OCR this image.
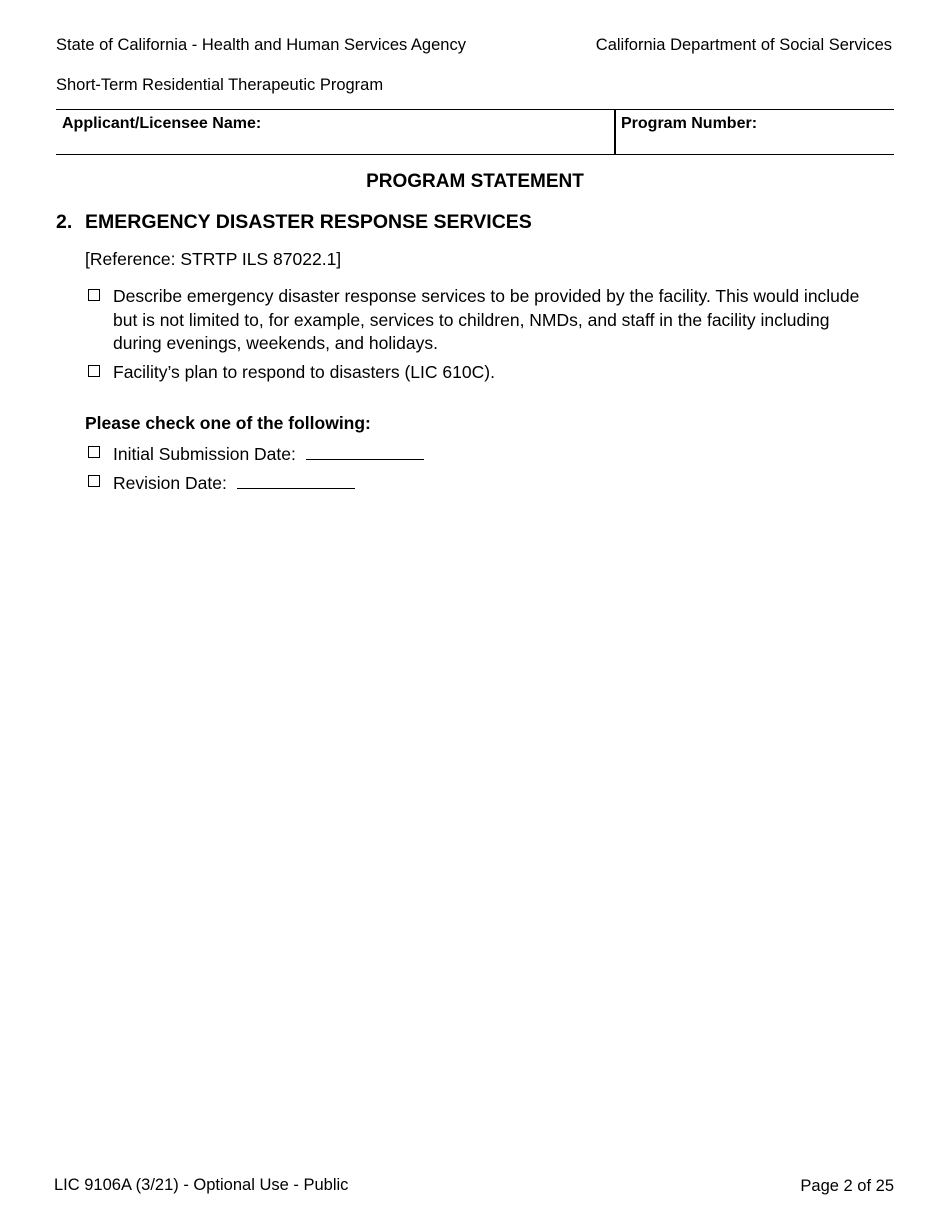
State of California - Health and Human Services Agency	California Department of Social Services
Short-Term Residential Therapeutic Program
Applicant/Licensee Name:	Program Number:
PROGRAM STATEMENT
2. EMERGENCY DISASTER RESPONSE SERVICES
[Reference: STRTP ILS 87022.1]
Describe emergency disaster response services to be provided by the facility. This would include but is not limited to, for example, services to children, NMDs, and staff in the facility including during evenings, weekends, and holidays.
Facility’s plan to respond to disasters (LIC 610C).
Please check one of the following:
Initial Submission Date:
Revision Date:
LIC 9106A (3/21) - Optional Use - Public	Page 2 of 25
